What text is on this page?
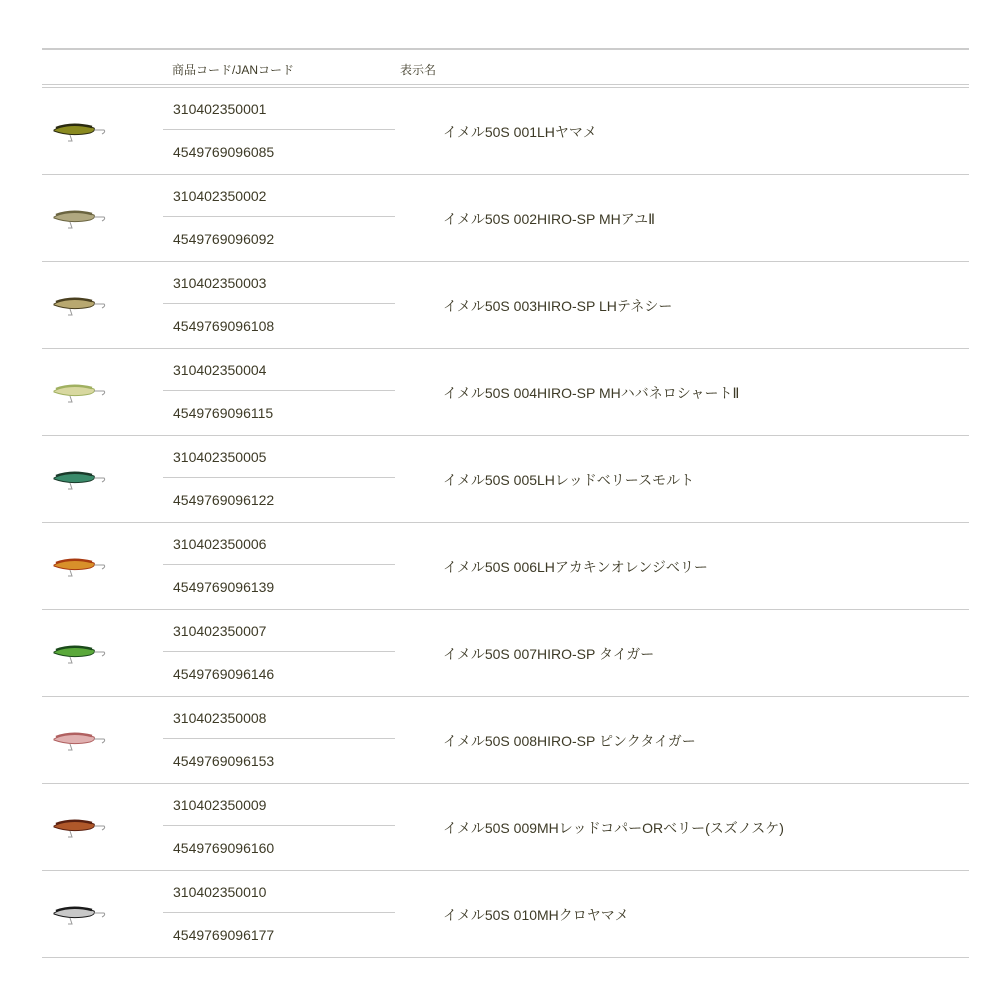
商品コード/JANコード	表示名
310402350001
4549769096085
イメル50S 001LHヤマメ
310402350002
4549769096092
イメル50S 002HIRO-SP MHアユⅡ
310402350003
4549769096108
イメル50S 003HIRO-SP LHテネシー
310402350004
4549769096115
イメル50S 004HIRO-SP MHハバネロシャートⅡ
310402350005
4549769096122
イメル50S 005LHレッドベリースモルト
310402350006
4549769096139
イメル50S 006LHアカキンオレンジベリー
310402350007
4549769096146
イメル50S 007HIRO-SP タイガー
310402350008
4549769096153
イメル50S 008HIRO-SP ピンクタイガー
310402350009
4549769096160
イメル50S 009MHレッドコパーORベリー(スズノスケ)
310402350010
4549769096177
イメル50S 010MHクロヤマメ
